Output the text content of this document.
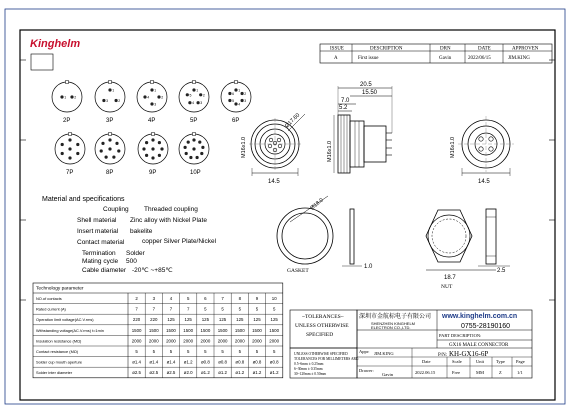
Kinghelm	ISSUE	DESCRIPTION	DRN	DATE	APPROVEN
A	First issue	Gavin	2022/06/15	JIM.KING
1 2
2P
1
2
3
3P
1
2
3
4
4P
1
2
3
4
5
5P
1
2
3
4
5
6
6P
7P	8P	9P	10P
Material and specifications
Coupling Threaded coupling
Shell material Zinc alloy with Nickel Plate
Insert material bakelite
Contact material	copper Silver Plate/Nickel
Termination Solder
Mating cycle 500
Cable diameter -20℃ ~+85℃
Ø17.60
M16x1.0
14.5
20.5
15.50
7.0
5.2
M16x1.0	M16x1.0
14.5
Ø18.0
GASKET
1.0
18.7
2.5
NUT
Technology parameter
NO.of contacts	2	3	4	5	6	7	8	9	10
Rated current (A)	7	7	7	7	5	5	5	5	5
Operation limit voltage(AC.V.rms)	220 220 125 125 125 125 125 125 125
Withstanding voltage(AC.V.rms) t=1min	1500 1500 1500 1500 1500 1500 1500 1500 1500
Insulation resistance (MΩ)	2000 2000 2000 2000 2000 2000 2000 2000 2000
Contact resistance (MΩ)	5	5	5	5	5	5	5	5	5
Solder cup mouth aperture	ø1.4 ø1.4 ø1.4 ø1.2 ø0.8 ø0.8 ø0.8 ø0.8 ø0.8
Solder inter diameter	ø2.5 ø2.5 ø2.5 ø2.0 ø1.2 ø1.2 ø1.2 ø1.2 ø1.2
~TOLERANCES~
UNLESS OTHERWISE
SPECIFIED
UNLESS OTHERWISE SPECIFIED
TOLERANCES FOR MILLIMETERS ARE:
0.5~6mm ± 0.25mm
6~30mm ± 0.35mm
30~120mm ± 0.50mm
深圳市金航标电子有限公司
SHENZHEN KINGHELM
ELECTRON CO.,LTD.
www.kinghelm.com.cn
0755-28190160
PART DESCRIPTION:
GX16 MALE CONNECTOR
P/N: KH-GX16-6P
Appr: JIM.KING
Date	Scale	Unit	Type Page
Drawer:
Gavin	2022.06.15	Free	MM	Z	1/1
